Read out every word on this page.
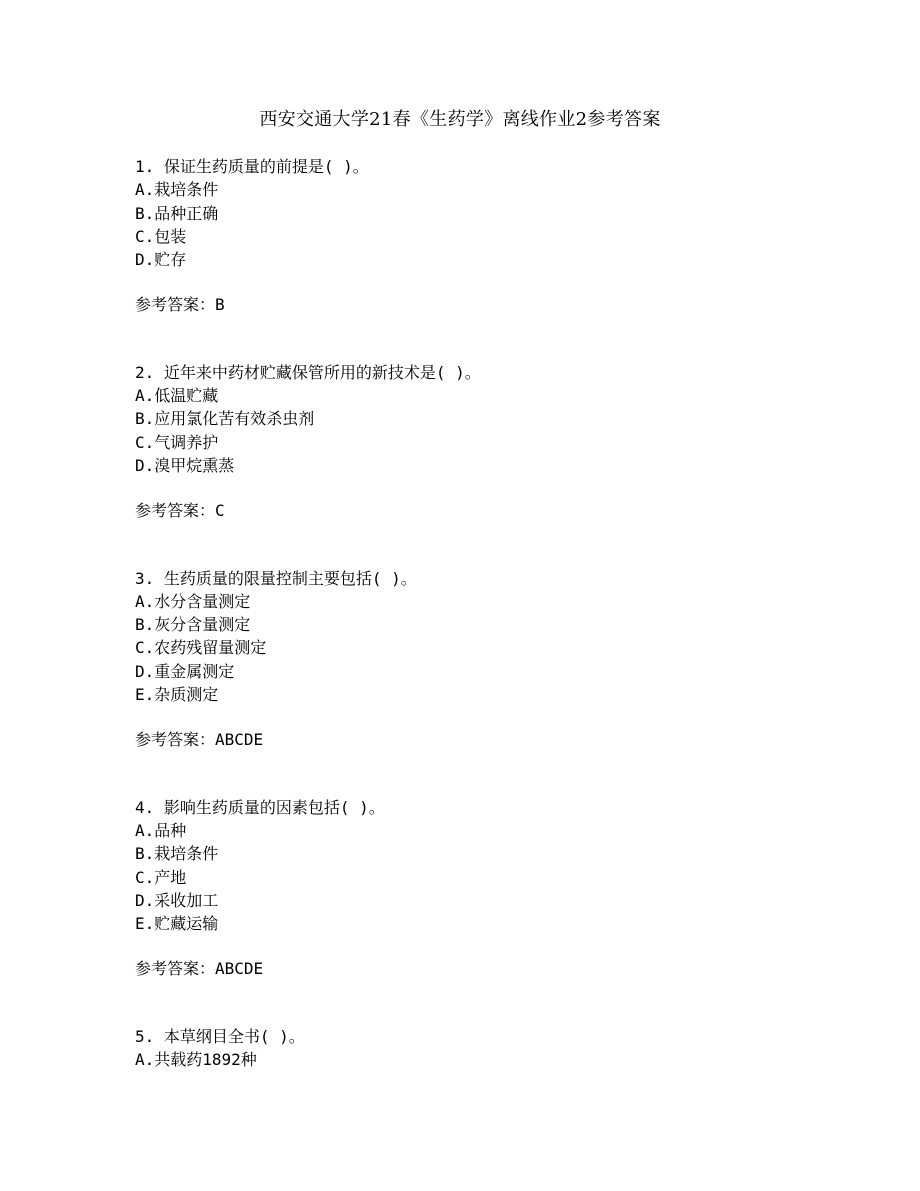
西安交通大学21春《生药学》离线作业2参考答案
1. 保证生药质量的前提是( )。
A.栽培条件
B.品种正确
C.包装
D.贮存
参考答案：B
2. 近年来中药材贮藏保管所用的新技术是( )。
A.低温贮藏
B.应用氯化苦有效杀虫剂
C.气调养护
D.溴甲烷熏蒸
参考答案：C
3. 生药质量的限量控制主要包括( )。
A.水分含量测定
B.灰分含量测定
C.农药残留量测定
D.重金属测定
E.杂质测定
参考答案：ABCDE
4. 影响生药质量的因素包括( )。
A.品种
B.栽培条件
C.产地
D.采收加工
E.贮藏运输
参考答案：ABCDE
5. 本草纲目全书( )。
A.共载药1892种
